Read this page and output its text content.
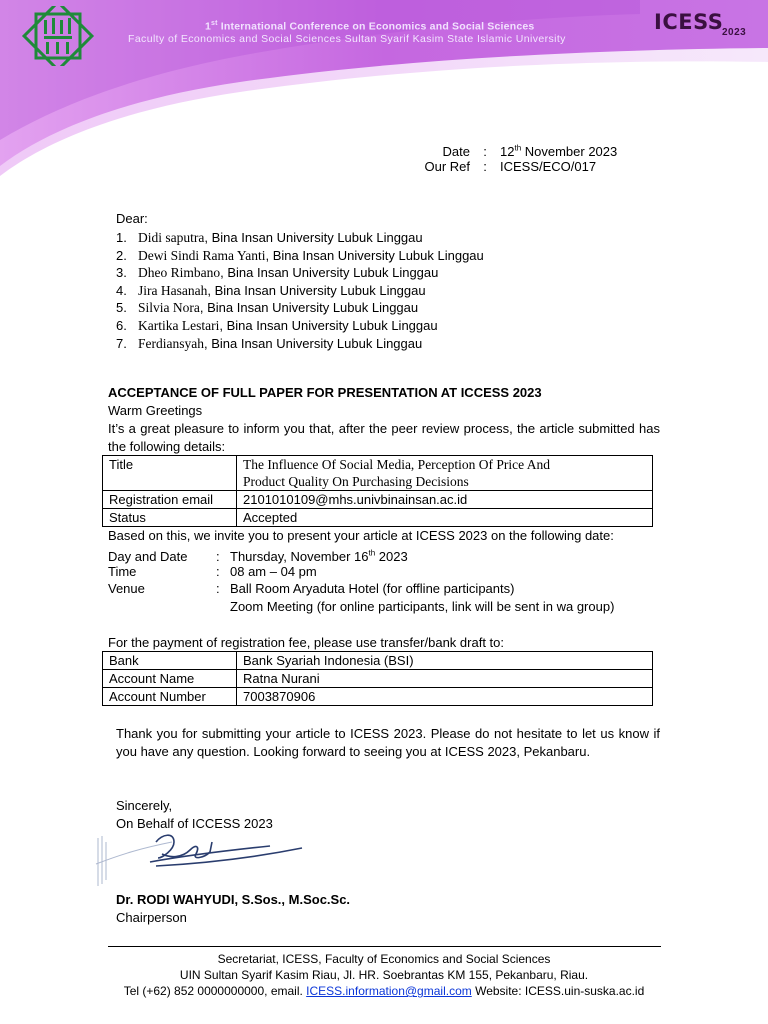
1st International Conference on Economics and Social Sciences
Faculty of Economics and Social Sciences Sultan Syarif Kasim State Islamic University
ICESS
2023
Date : 12th November 2023
Our Ref : ICESS/ECO/017
Dear:
1. Didi saputra, Bina Insan University Lubuk Linggau
2. Dewi Sindi Rama Yanti, Bina Insan University Lubuk Linggau
3. Dheo Rimbano, Bina Insan University Lubuk Linggau
4. Jira Hasanah, Bina Insan University Lubuk Linggau
5. Silvia Nora, Bina Insan University Lubuk Linggau
6. Kartika Lestari, Bina Insan University Lubuk Linggau
7. Ferdiansyah, Bina Insan University Lubuk Linggau
ACCEPTANCE OF FULL PAPER FOR PRESENTATION AT ICCESS 2023
Warm Greetings
It’s a great pleasure to inform you that, after the peer review process, the article submitted has the following details:
Title	The Influence Of Social Media, Perception Of Price And
Product Quality On Purchasing Decisions

Registration email	2101010109@mhs.univbinainsan.ac.id
Status	Accepted
Based on this, we invite you to present your article at ICESS 2023 on the following date:
Day and Date : Thursday, November 16th 2023
Time	: 08 am – 04 pm
Venue	: Ball Room Aryaduta Hotel (for offline participants)
Zoom Meeting (for online participants, link will be sent in wa group)
For the payment of registration fee, please use transfer/bank draft to:
Bank	Bank Syariah Indonesia (BSI)
Account Name	Ratna Nurani
Account Number	7003870906
Thank you for submitting your article to ICESS 2023. Please do not hesitate to let us know if you have any question. Looking forward to seeing you at ICESS 2023, Pekanbaru.
Sincerely,
On Behalf of ICCESS 2023
Dr. RODI WAHYUDI, S.Sos., M.Soc.Sc.
Chairperson
Secretariat, ICESS, Faculty of Economics and Social Sciences
UIN Sultan Syarif Kasim Riau, Jl. HR. Soebrantas KM 155, Pekanbaru, Riau.
Tel (+62) 852 0000000000, email. ICESS.information@gmail.com Website: ICESS.uin-suska.ac.id
